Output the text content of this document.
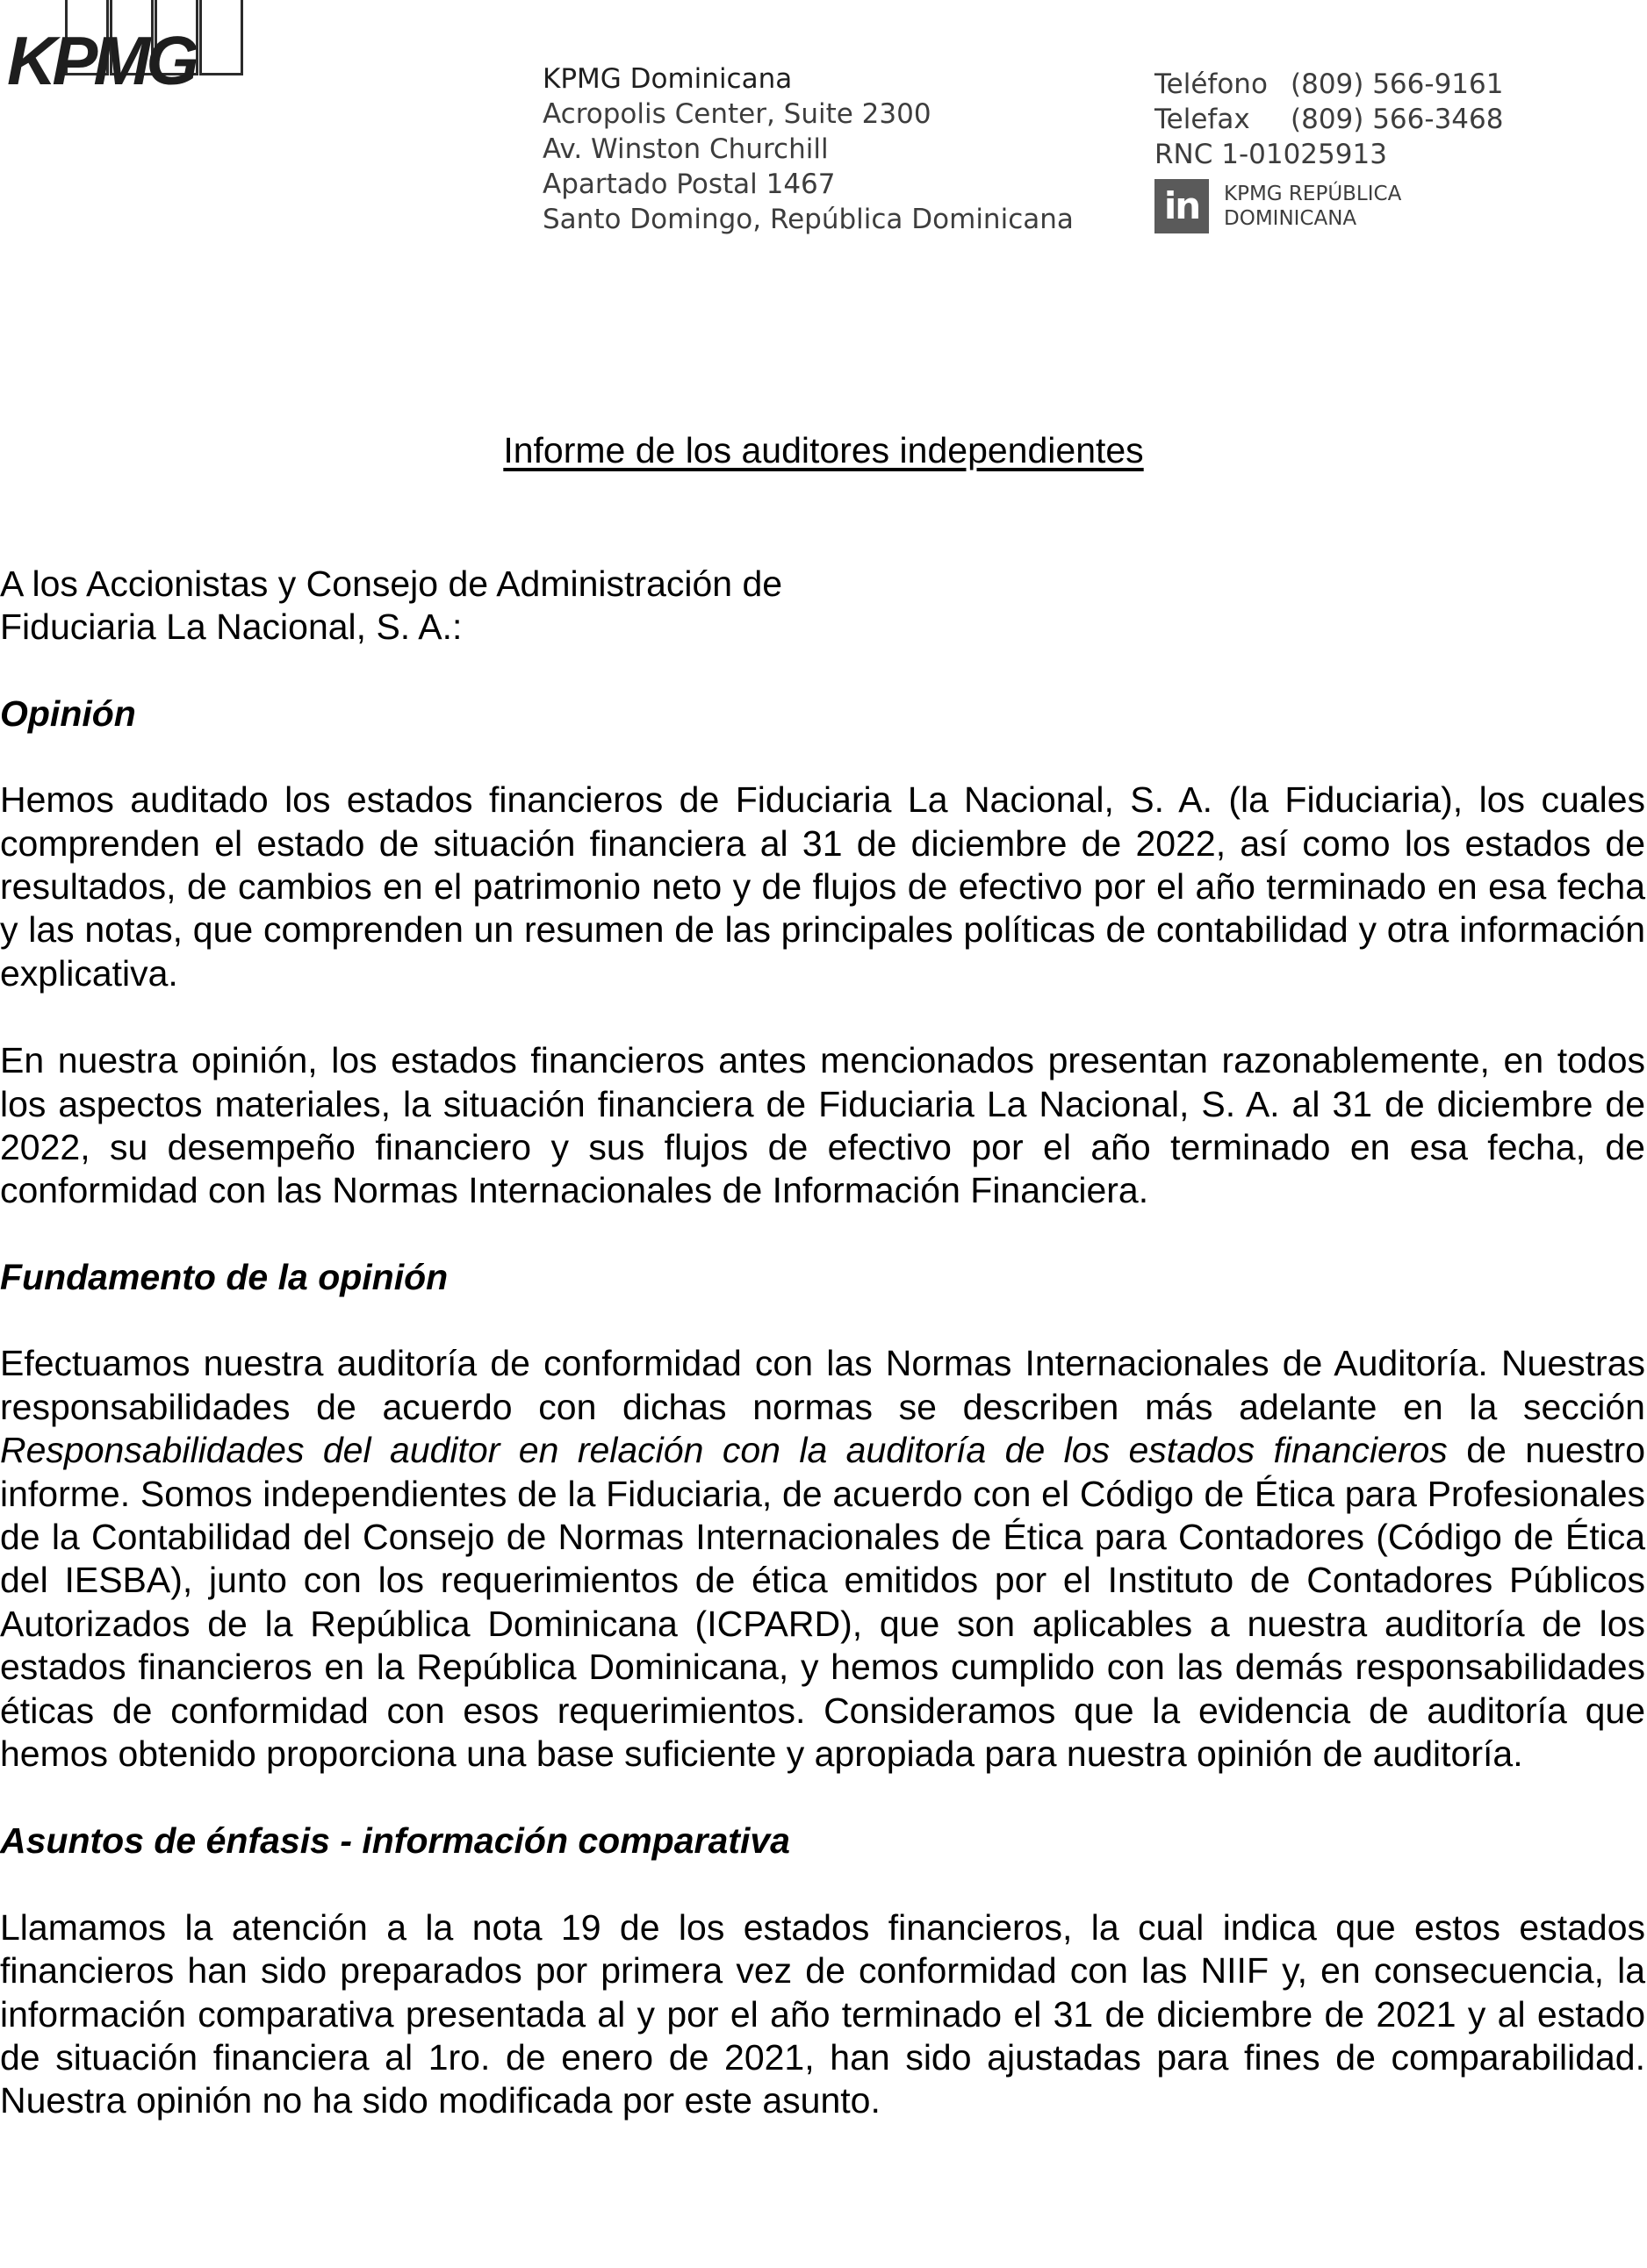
KPMG	KPMG Dominicana
Acropolis Center, Suite 2300
Av. Winston Churchill
Apartado Postal 1467
Santo Domingo, República Dominicana
Teléfono (809) 566-9161
Telefax (809) 566-3468
RNC 1-01025913
in	KPMG REPÚBLICA
DOMINICANA
Informe de los auditores independientes

A los Accionistas y Consejo de Administración de
Fiduciaria La Nacional, S. A.:

Opinión

Hemos auditado los estados financieros de Fiduciaria La Nacional, S. A. (la Fiduciaria), los cuales comprenden el estado de situación financiera al 31 de diciembre de 2022, así como los estados de resultados, de cambios en el patrimonio neto y de flujos de efectivo por el año terminado en esa fecha y las notas, que comprenden un resumen de las principales políticas de contabilidad y otra información explicativa.

En nuestra opinión, los estados financieros antes mencionados presentan razonablemente, en todos los aspectos materiales, la situación financiera de Fiduciaria La Nacional, S. A. al 31 de diciembre de 2022, su desempeño financiero y sus flujos de efectivo por el año terminado en esa fecha, de conformidad con las Normas Internacionales de Información Financiera.

Fundamento de la opinión

Efectuamos nuestra auditoría de conformidad con las Normas Internacionales de Auditoría. Nuestras responsabilidades de acuerdo con dichas normas se describen más adelante en la sección Responsabilidades del auditor en relación con la auditoría de los estados financieros de nuestro informe. Somos independientes de la Fiduciaria, de acuerdo con el Código de Ética para Profesionales de la Contabilidad del Consejo de Normas Internacionales de Ética para Contadores (Código de Ética del IESBA), junto con los requerimientos de ética emitidos por el Instituto de Contadores Públicos Autorizados de la República Dominicana (ICPARD), que son aplicables a nuestra auditoría de los estados financieros en la República Dominicana, y hemos cumplido con las demás responsabilidades éticas de conformidad con esos requerimientos. Consideramos que la evidencia de auditoría que hemos obtenido proporciona una base suficiente y apropiada para nuestra opinión de auditoría.

Asuntos de énfasis - información comparativa

Llamamos la atención a la nota 19 de los estados financieros, la cual indica que estos estados financieros han sido preparados por primera vez de conformidad con las NIIF y, en consecuencia, la información comparativa presentada al y por el año terminado el 31 de diciembre de 2021 y al estado de situación financiera al 1ro. de enero de 2021, han sido ajustadas para fines de comparabilidad. Nuestra opinión no ha sido modificada por este asunto.
